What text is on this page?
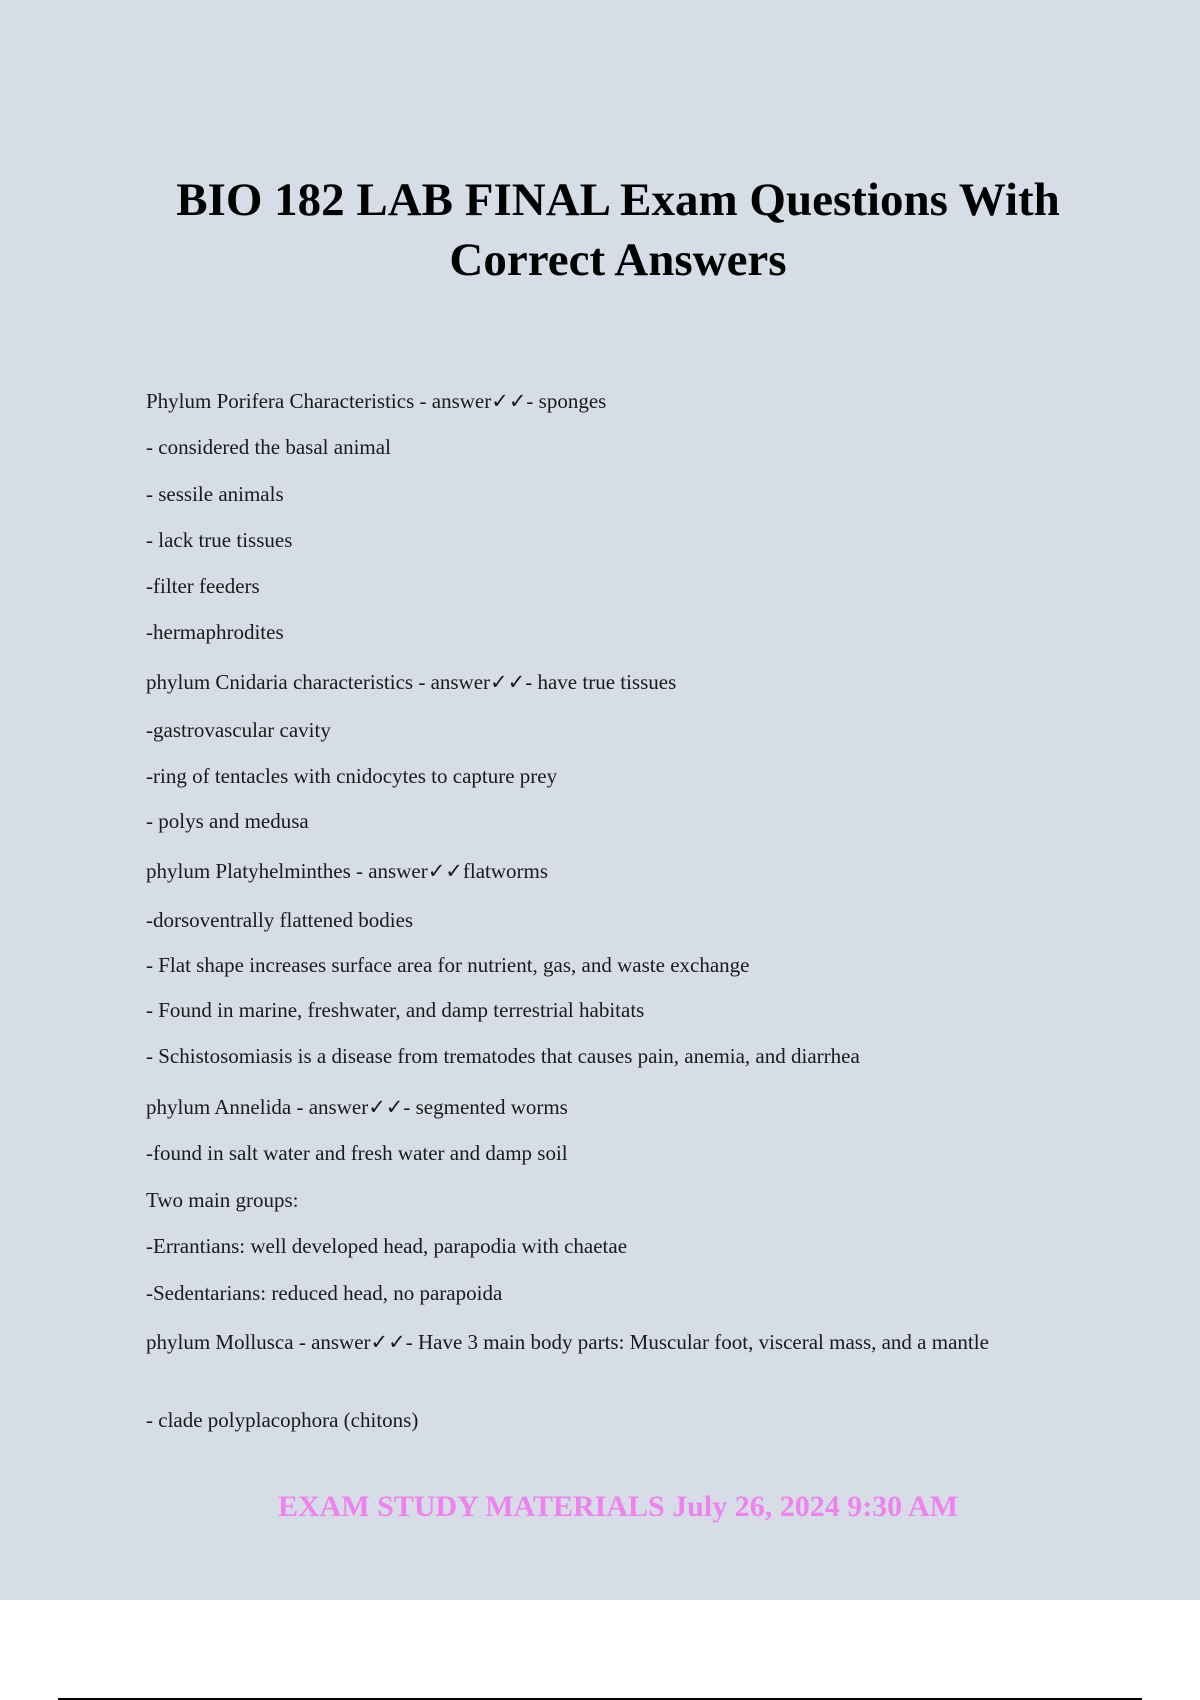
BIO 182 LAB FINAL Exam Questions With Correct Answers
Phylum Porifera Characteristics - answer✓✓- sponges
- considered the basal animal
- sessile animals
- lack true tissues
-filter feeders
-hermaphrodites
phylum Cnidaria characteristics - answer✓✓- have true tissues
-gastrovascular cavity
-ring of tentacles with cnidocytes to capture prey
- polys and medusa
phylum Platyhelminthes - answer✓✓flatworms
-dorsoventrally flattened bodies
- Flat shape increases surface area for nutrient, gas, and waste exchange
- Found in marine, freshwater, and damp terrestrial habitats
- Schistosomiasis is a disease from trematodes that causes pain, anemia, and diarrhea
phylum Annelida - answer✓✓- segmented worms
-found in salt water and fresh water and damp soil
Two main groups:
-Errantians: well developed head, parapodia with chaetae
-Sedentarians: reduced head, no parapoida
phylum Mollusca - answer✓✓- Have 3 main body parts: Muscular foot, visceral mass, and a mantle
- clade polyplacophora (chitons)
EXAM STUDY MATERIALS July 26, 2024 9:30 AM
